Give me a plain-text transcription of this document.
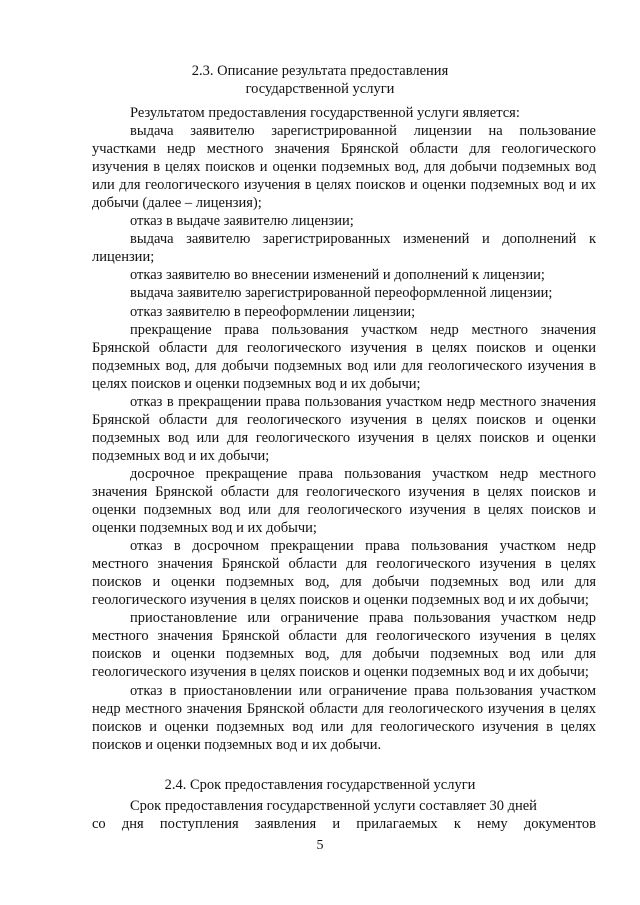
2.3. Описание результата предоставления
государственной услуги

Результатом предоставления государственной услуги является:

выдача заявителю зарегистрированной лицензии на пользование участками недр местного значения Брянской области для геологического изучения в целях поисков и оценки подземных вод, для добычи подземных вод или для геологического изучения в целях поисков и оценки подземных вод и их добычи (далее – лицензия);

отказ в выдаче заявителю лицензии;

выдача заявителю зарегистрированных изменений и дополнений к лицензии;

отказ заявителю во внесении изменений и дополнений к лицензии;

выдача заявителю зарегистрированной переоформленной лицензии;

отказ заявителю в переоформлении лицензии;

прекращение права пользования участком недр местного значения Брянской области для геологического изучения в целях поисков и оценки подземных вод, для добычи подземных вод или для геологического изучения в целях поисков и оценки подземных вод и их добычи;

отказ в прекращении права пользования участком недр местного значения Брянской области для геологического изучения в целях поисков и оценки подземных вод или для геологического изучения в целях поисков и оценки подземных вод и их добычи;

досрочное прекращение права пользования участком недр местного значения Брянской области для геологического изучения в целях поисков и оценки подземных вод или для геологического изучения в целях поисков и оценки подземных вод и их добычи;

отказ в досрочном прекращении права пользования участком недр местного значения Брянской области для геологического изучения в целях поисков и оценки подземных вод, для добычи подземных вод или для геологического изучения в целях поисков и оценки подземных вод и их добычи;

приостановление или ограничение права пользования участком недр местного значения Брянской области для геологического изучения в целях поисков и оценки подземных вод, для добычи подземных вод или для геологического изучения в целях поисков и оценки подземных вод и их добычи;

отказ в приостановлении или ограничение права пользования участком недр местного значения Брянской области для геологического изучения в целях поисков и оценки подземных вод или для геологического изучения в целях поисков и оценки подземных вод и их добычи.

2.4. Срок предоставления государственной услуги

Срок предоставления государственной услуги составляет 30 дней

со дня поступления заявления и прилагаемых к нему документов

5
